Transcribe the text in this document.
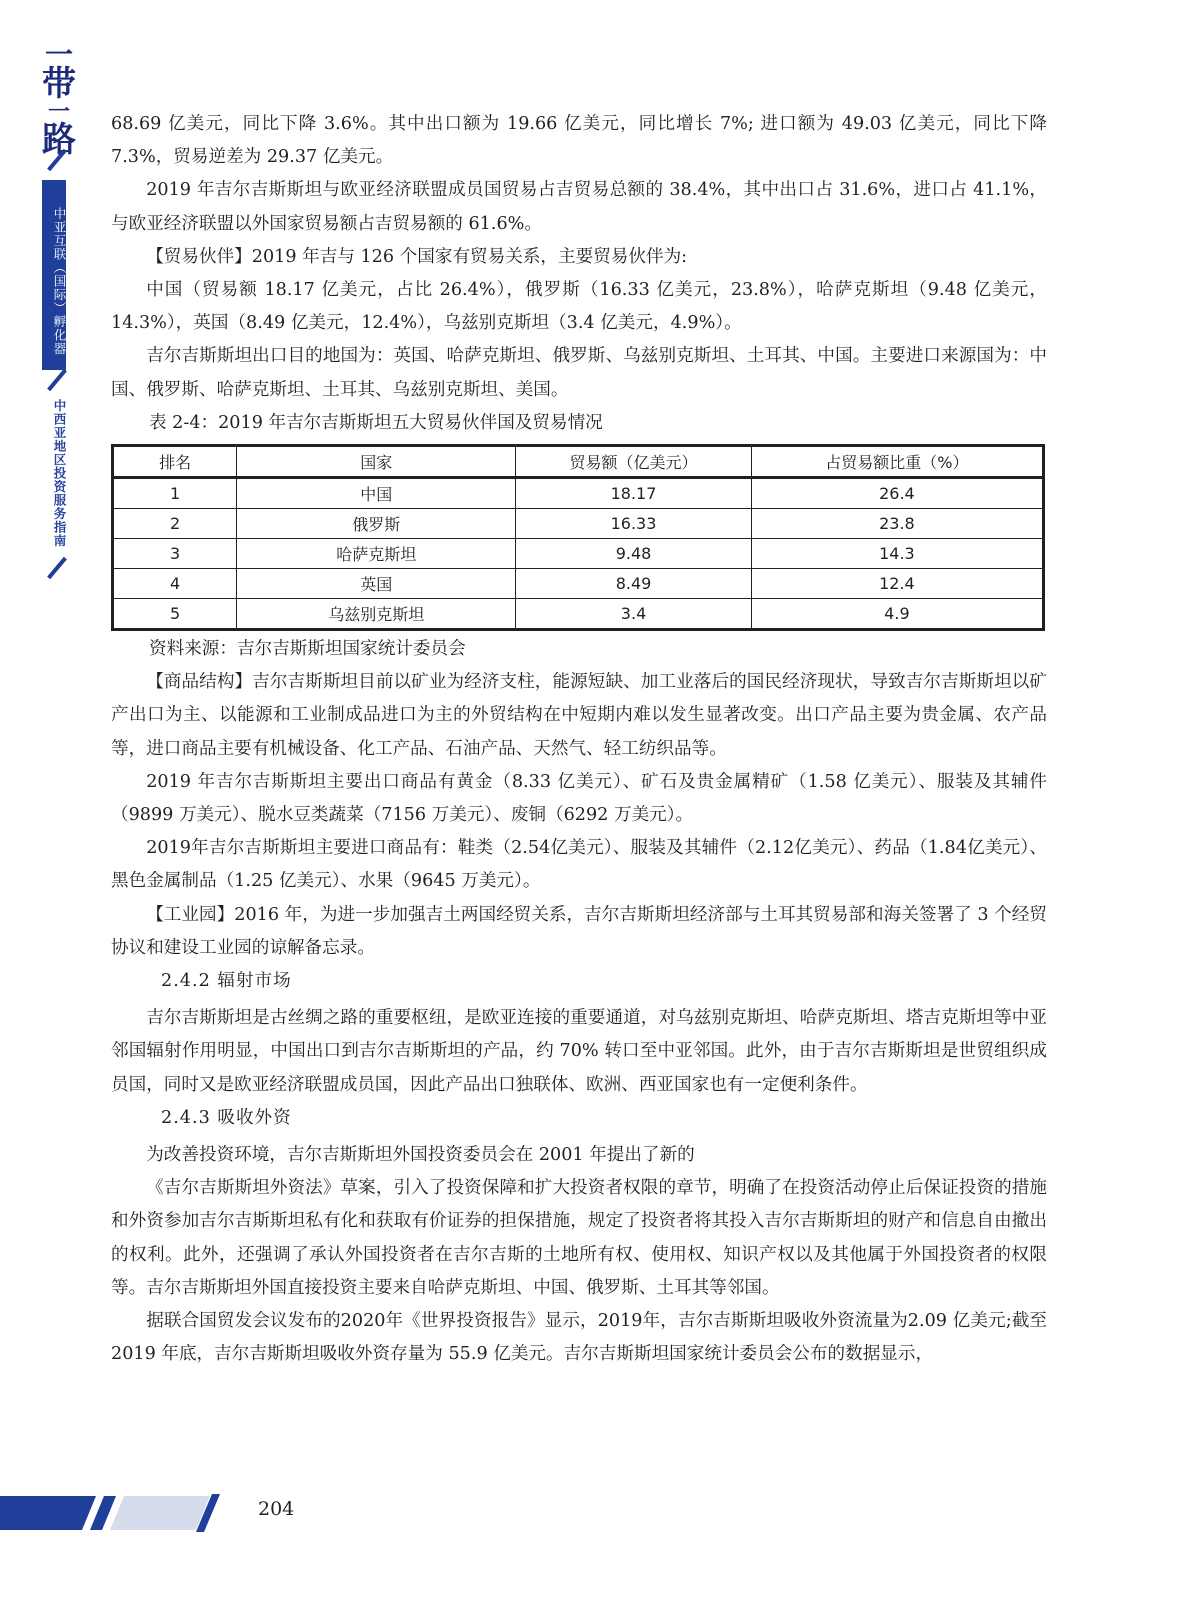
一
带
一
路
中亚互联（国际）孵化器
中西亚地区投资服务指南

68.69 亿美元，同比下降 3.6%。其中出口额为 19.66 亿美元，同比增长 7%; 进口额为 49.03 亿美元，同比下降 7.3%，贸易逆差为 29.37 亿美元。

2019 年吉尔吉斯斯坦与欧亚经济联盟成员国贸易占吉贸易总额的 38.4%，其中出口占 31.6%，进口占 41.1%，与欧亚经济联盟以外国家贸易额占吉贸易额的 61.6%。

【贸易伙伴】2019 年吉与 126 个国家有贸易关系，主要贸易伙伴为:

中国（贸易额 18.17 亿美元，占比 26.4%），俄罗斯（16.33 亿美元，23.8%），哈萨克斯坦（9.48 亿美元，14.3%），英国（8.49 亿美元，12.4%），乌兹别克斯坦（3.4 亿美元，4.9%）。

吉尔吉斯斯坦出口目的地国为：英国、哈萨克斯坦、俄罗斯、乌兹别克斯坦、土耳其、中国。主要进口来源国为：中国、俄罗斯、哈萨克斯坦、土耳其、乌兹别克斯坦、美国。

表 2-4：2019 年吉尔吉斯斯坦五大贸易伙伴国及贸易情况

排名	国家	贸易额（亿美元）	占贸易额比重（%）
1	中国	18.17	26.4
2	俄罗斯	16.33	23.8
3	哈萨克斯坦	9.48	14.3
4	英国	8.49	12.4
5	乌兹别克斯坦	3.4	4.9

资料来源：吉尔吉斯斯坦国家统计委员会

【商品结构】吉尔吉斯斯坦目前以矿业为经济支柱，能源短缺、加工业落后的国民经济现状，导致吉尔吉斯斯坦以矿产出口为主、以能源和工业制成品进口为主的外贸结构在中短期内难以发生显著改变。出口产品主要为贵金属、农产品等，进口商品主要有机械设备、化工产品、石油产品、天然气、轻工纺织品等。

2019 年吉尔吉斯斯坦主要出口商品有黄金（8.33 亿美元）、矿石及贵金属精矿（1.58 亿美元）、服装及其辅件（9899 万美元）、脱水豆类蔬菜（7156 万美元）、废铜（6292 万美元）。

2019年吉尔吉斯斯坦主要进口商品有：鞋类（2.54亿美元）、服装及其辅件（2.12亿美元）、药品（1.84亿美元）、黑色金属制品（1.25 亿美元）、水果（9645 万美元）。

【工业园】2016 年，为进一步加强吉土两国经贸关系，吉尔吉斯斯坦经济部与土耳其贸易部和海关签署了 3 个经贸协议和建设工业园的谅解备忘录。

2.4.2 辐射市场

吉尔吉斯斯坦是古丝绸之路的重要枢纽，是欧亚连接的重要通道，对乌兹别克斯坦、哈萨克斯坦、塔吉克斯坦等中亚邻国辐射作用明显，中国出口到吉尔吉斯斯坦的产品，约 70% 转口至中亚邻国。此外，由于吉尔吉斯斯坦是世贸组织成员国，同时又是欧亚经济联盟成员国，因此产品出口独联体、欧洲、西亚国家也有一定便利条件。

2.4.3 吸收外资

为改善投资环境，吉尔吉斯斯坦外国投资委员会在 2001 年提出了新的

《吉尔吉斯斯坦外资法》草案，引入了投资保障和扩大投资者权限的章节，明确了在投资活动停止后保证投资的措施和外资参加吉尔吉斯斯坦私有化和获取有价证券的担保措施，规定了投资者将其投入吉尔吉斯斯坦的财产和信息自由撤出的权利。此外，还强调了承认外国投资者在吉尔吉斯的土地所有权、使用权、知识产权以及其他属于外国投资者的权限等。吉尔吉斯斯坦外国直接投资主要来自哈萨克斯坦、中国、俄罗斯、土耳其等邻国。

据联合国贸发会议发布的2020年《世界投资报告》显示，2019年，吉尔吉斯斯坦吸收外资流量为2.09 亿美元;截至 2019 年底，吉尔吉斯斯坦吸收外资存量为 55.9 亿美元。吉尔吉斯斯坦国家统计委员会公布的数据显示，

204
